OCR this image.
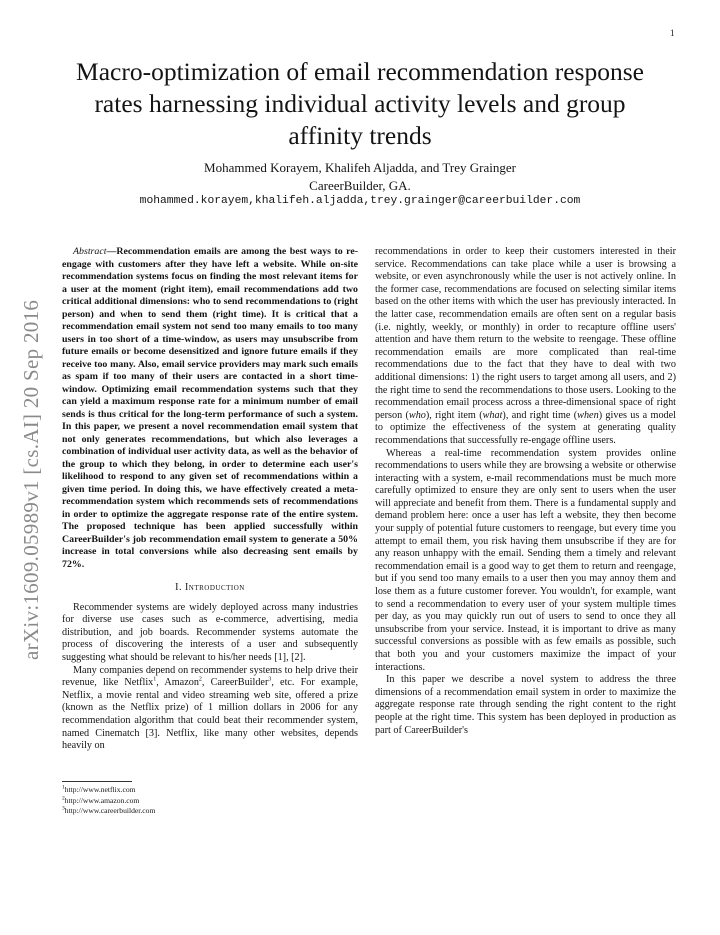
1
arXiv:1609.05989v1 [cs.AI] 20 Sep 2016
Macro-optimization of email recommendation response rates harnessing individual activity levels and group affinity trends
Mohammed Korayem, Khalifeh Aljadda, and Trey Grainger
CareerBuilder, GA.
mohammed.korayem,khalifeh.aljadda,trey.grainger@careerbuilder.com

Abstract—Recommendation emails are among the best ways to re-engage with customers after they have left a website. While on-site recommendation systems focus on finding the most relevant items for a user at the moment (right item), email recommendations add two critical additional dimensions: who to send recommendations to (right person) and when to send them (right time). It is critical that a recommendation email system not send too many emails to too many users in too short of a time-window, as users may unsubscribe from future emails or become desensitized and ignore future emails if they receive too many. Also, email service providers may mark such emails as spam if too many of their users are contacted in a short time-window. Optimizing email recommendation systems such that they can yield a maximum response rate for a minimum number of email sends is thus critical for the long-term performance of such a system. In this paper, we present a novel recommendation email system that not only generates recommendations, but which also leverages a combination of individual user activity data, as well as the behavior of the group to which they belong, in order to determine each user's likelihood to respond to any given set of recommendations within a given time period. In doing this, we have effectively created a meta-recommendation system which recommends sets of recommendations in order to optimize the aggregate response rate of the entire system. The proposed technique has been applied successfully within CareerBuilder's job recommendation email system to generate a 50% increase in total conversions while also decreasing sent emails by 72%.

I. Introduction

Recommender systems are widely deployed across many industries for diverse use cases such as e-commerce, advertising, media distribution, and job boards. Recommender systems automate the process of discovering the interests of a user and subsequently suggesting what should be relevant to his/her needs [1], [2].

Many companies depend on recommender systems to help drive their revenue, like Netflix$^1$, Amazon$^2$, CareerBuilder$^3$, etc. For example, Netflix, a movie rental and video streaming web site, offered a prize (known as the Netflix prize) of 1 million dollars in 2006 for any recommendation algorithm that could beat their recommender system, named Cinematch [3]. Netflix, like many other websites, depends heavily on

$^1$http://www.netflix.com
$^2$http://www.amazon.com
$^3$http://www.careerbuilder.com

recommendations in order to keep their customers interested in their service. Recommendations can take place while a user is browsing a website, or even asynchronously while the user is not actively online. In the former case, recommendations are focused on selecting similar items based on the other items with which the user has previously interacted. In the latter case, recommendation emails are often sent on a regular basis (i.e. nightly, weekly, or monthly) in order to recapture offline users' attention and have them return to the website to reengage. These offline recommendation emails are more complicated than real-time recommendations due to the fact that they have to deal with two additional dimensions: 1) the right users to target among all users, and 2) the right time to send the recommendations to those users. Looking to the recommendation email process across a three-dimensional space of right person (who), right item (what), and right time (when) gives us a model to optimize the effectiveness of the system at generating quality recommendations that successfully re-engage offline users.

Whereas a real-time recommendation system provides online recommendations to users while they are browsing a website or otherwise interacting with a system, e-mail recommendations must be much more carefully optimized to ensure they are only sent to users when the user will appreciate and benefit from them. There is a fundamental supply and demand problem here: once a user has left a website, they then become your supply of potential future customers to reengage, but every time you attempt to email them, you risk having them unsubscribe if they are for any reason unhappy with the email. Sending them a timely and relevant recommendation email is a good way to get them to return and reengage, but if you send too many emails to a user then you may annoy them and lose them as a future customer forever. You wouldn't, for example, want to send a recommendation to every user of your system multiple times per day, as you may quickly run out of users to send to once they all unsubscribe from your service. Instead, it is important to drive as many successful conversions as possible with as few emails as possible, such that both you and your customers maximize the impact of your interactions.

In this paper we describe a novel system to address the three dimensions of a recommendation email system in order to maximize the aggregate response rate through sending the right content to the right people at the right time. This system has been deployed in production as part of CareerBuilder's
